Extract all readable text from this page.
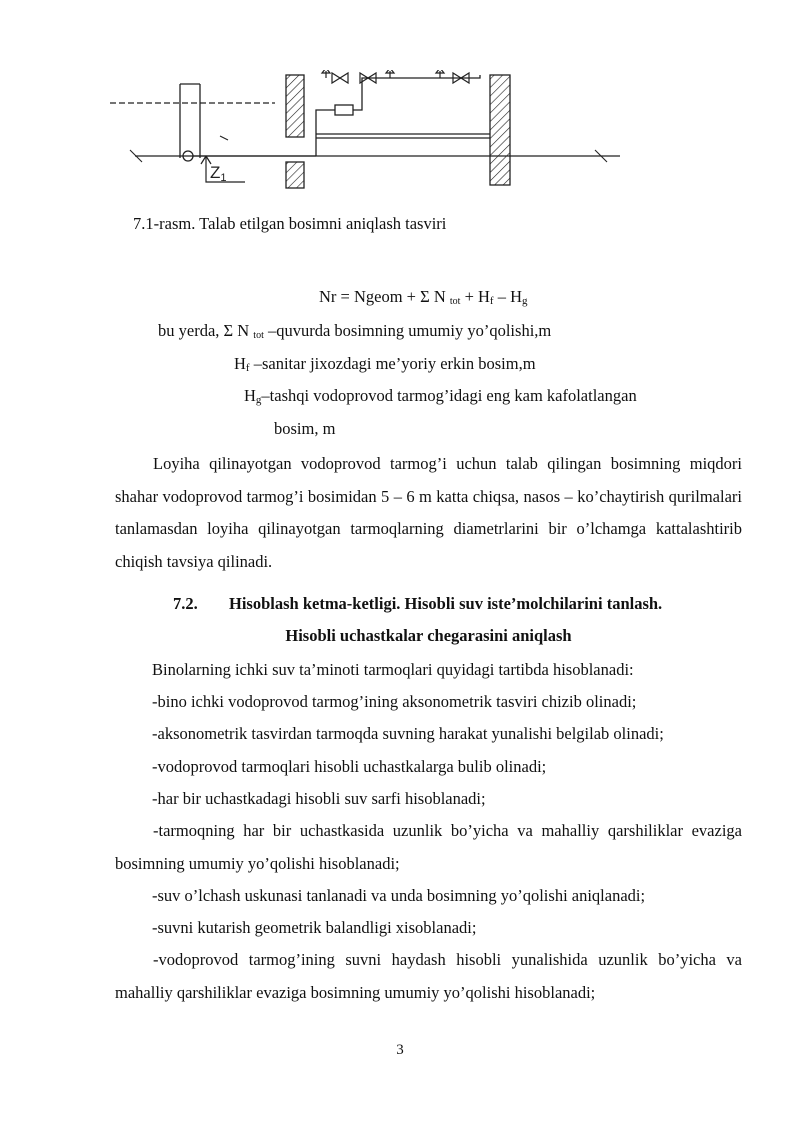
Z1
7.1-rasm. Talab etilgan bosimni aniqlash tasviri
Nr = Ngeom + Σ N $_{tot} + H_f - H_g$
bu yerda, Σ N $_{tot}$ –quvurda bosimning umumiy yo’qolishi,m
$H_f$ –sanitar jixozdagi me’yoriy erkin bosim,m
$H_g$–tashqi vodoprovod tarmog’idagi eng kam kafolatlangan
bosim, m
Loyiha qilinayotgan vodoprovod tarmog’i uchun talab qilingan bosimning miqdori shahar vodoprovod tarmog’i bosimidan 5 – 6 m katta chiqsa, nasos – ko’chaytirish qurilmalari tanlamasdan loyiha qilinayotgan tarmoqlarning diametrlarini bir o’lchamga kattalashtirib chiqish tavsiya qilinadi.
7.2. Hisoblash ketma-ketligi. Hisobli suv iste’molchilarini tanlash.
Hisobli uchastkalar chegarasini aniqlash
Binolarning ichki suv ta’minoti tarmoqlari quyidagi tartibda hisoblanadi:
-bino ichki vodoprovod tarmog’ining aksonometrik tasviri chizib olinadi;
-aksonometrik tasvirdan tarmoqda suvning harakat yunalishi belgilab olinadi;
-vodoprovod tarmoqlari hisobli uchastkalarga bulib olinadi;
-har bir uchastkadagi hisobli suv sarfi hisoblanadi;
-tarmoqning har bir uchastkasida uzunlik bo’yicha va mahalliy qarshiliklar evaziga bosimning umumiy yo’qolishi hisoblanadi;
-suv o’lchash uskunasi tanlanadi va unda bosimning yo’qolishi aniqlanadi;
-suvni kutarish geometrik balandligi xisoblanadi;
-vodoprovod tarmog’ining suvni haydash hisobli yunalishida uzunlik bo’yicha va mahalliy qarshiliklar evaziga bosimning umumiy yo’qolishi hisoblanadi;
3
